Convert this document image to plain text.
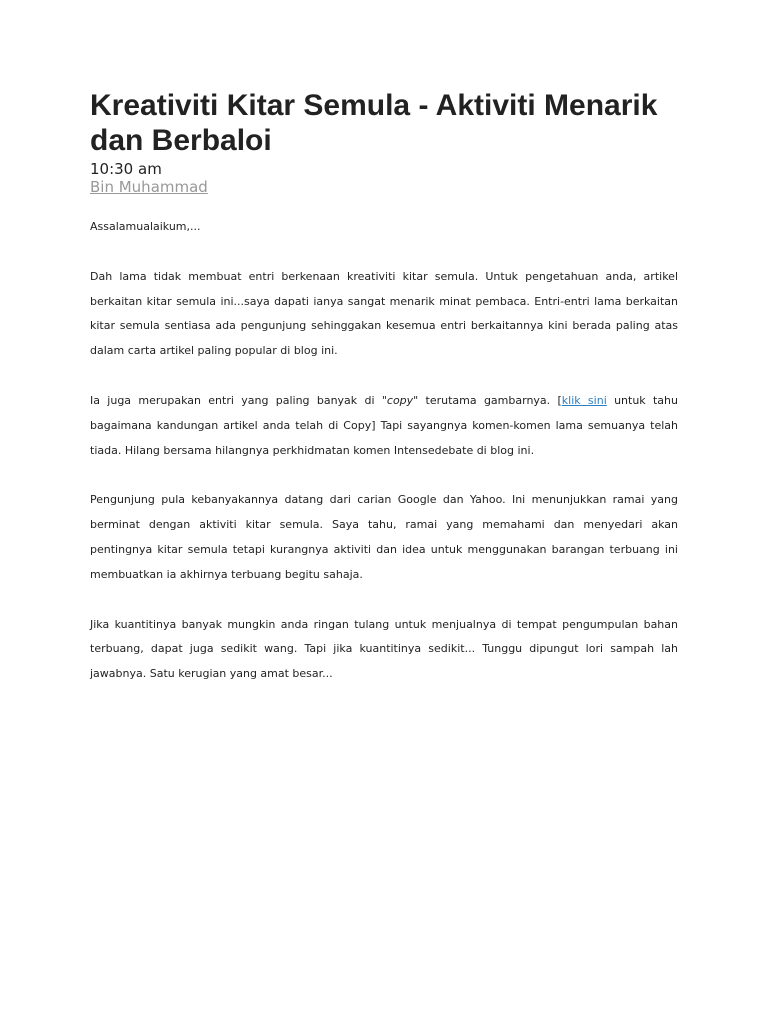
Kreativiti Kitar Semula - Aktiviti Menarik dan Berbaloi
10:30 am
Bin Muhammad
Assalamualaikum,...

Dah lama tidak membuat entri berkenaan kreativiti kitar semula. Untuk pengetahuan anda, artikel berkaitan kitar semula ini...saya dapati ianya sangat menarik minat pembaca. Entri-entri lama berkaitan kitar semula sentiasa ada pengunjung sehinggakan kesemua entri berkaitannya kini berada paling atas dalam carta artikel paling popular di blog ini.

Ia juga merupakan entri yang paling banyak di "copy" terutama gambarnya. [klik sini untuk tahu bagaimana kandungan artikel anda telah di Copy] Tapi sayangnya komen-komen lama semuanya telah tiada. Hilang bersama hilangnya perkhidmatan komen Intensedebate di blog ini.

Pengunjung pula kebanyakannya datang dari carian Google dan Yahoo. Ini menunjukkan ramai yang berminat dengan aktiviti kitar semula. Saya tahu, ramai yang memahami dan menyedari akan pentingnya kitar semula tetapi kurangnya aktiviti dan idea untuk menggunakan barangan terbuang ini membuatkan ia akhirnya terbuang begitu sahaja.

Jika kuantitinya banyak mungkin anda ringan tulang untuk menjualnya di tempat pengumpulan bahan terbuang, dapat juga sedikit wang. Tapi jika kuantitinya sedikit... Tunggu dipungut lori sampah lah jawabnya. Satu kerugian yang amat besar...
